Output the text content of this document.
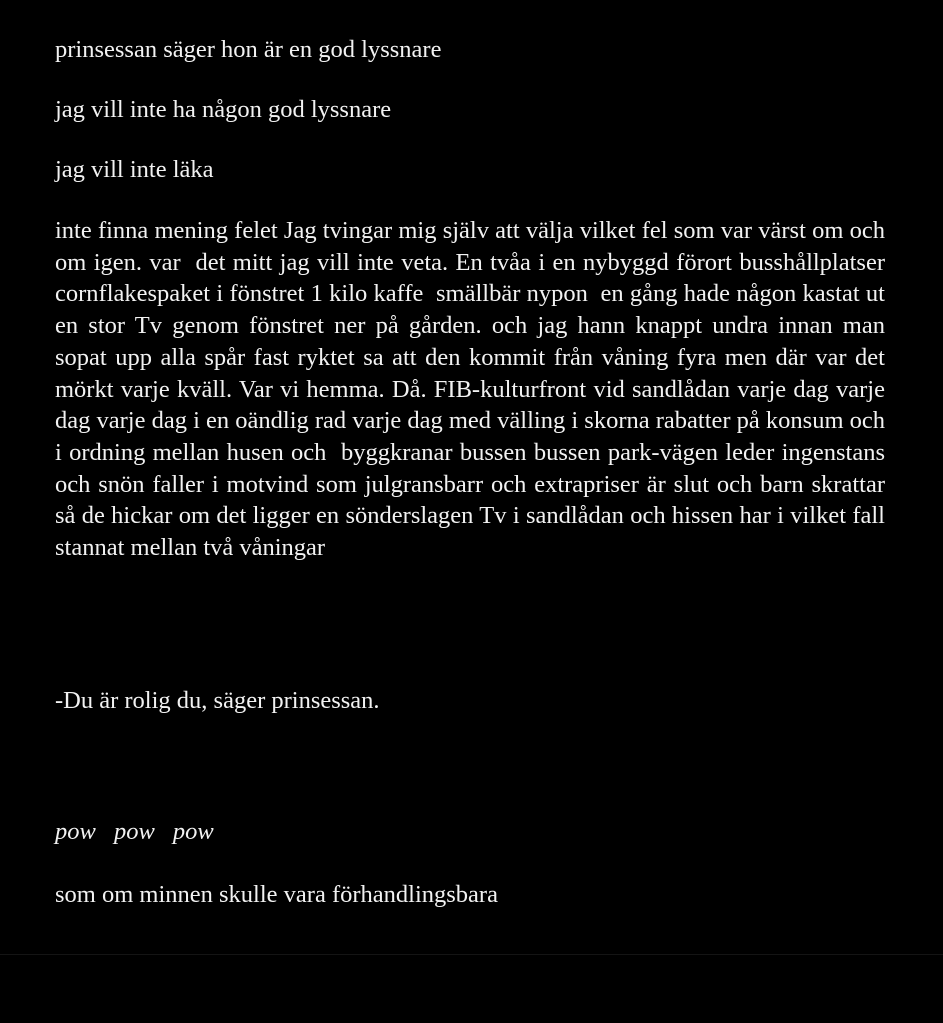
prinsessan säger hon är en god lyssnare

jag vill inte ha någon god lyssnare

jag vill inte läka

inte finna mening felet Jag tvingar mig själv att välja vilket fel som var värst om och om igen. var  det mitt jag vill inte veta. En tvåa i en nybyggd förort busshållplatser cornflakespaket i fönstret 1 kilo kaffe  smällbär nypon  en gång hade någon kastat ut en stor Tv genom fönstret ner på gården. och jag hann knappt undra innan man sopat upp alla spår fast ryktet sa att den kommit från våning fyra men där var det mörkt varje kväll. Var vi hemma. Då. FIB-kulturfront vid sandlådan varje dag varje dag varje dag i en oändlig rad varje dag med välling i skorna rabatter på konsum och i ordning mellan husen och  byggkranar bussen bussen park-vägen leder ingenstans och snön faller i motvind som julgransbarr och extrapriser är slut och barn skrattar så de hickar om det ligger en sönderslagen Tv i sandlådan och hissen har i vilket fall stannat mellan två våningar

-Du är rolig du, säger prinsessan.

pow pow pow

som om minnen skulle vara förhandlingsbara
